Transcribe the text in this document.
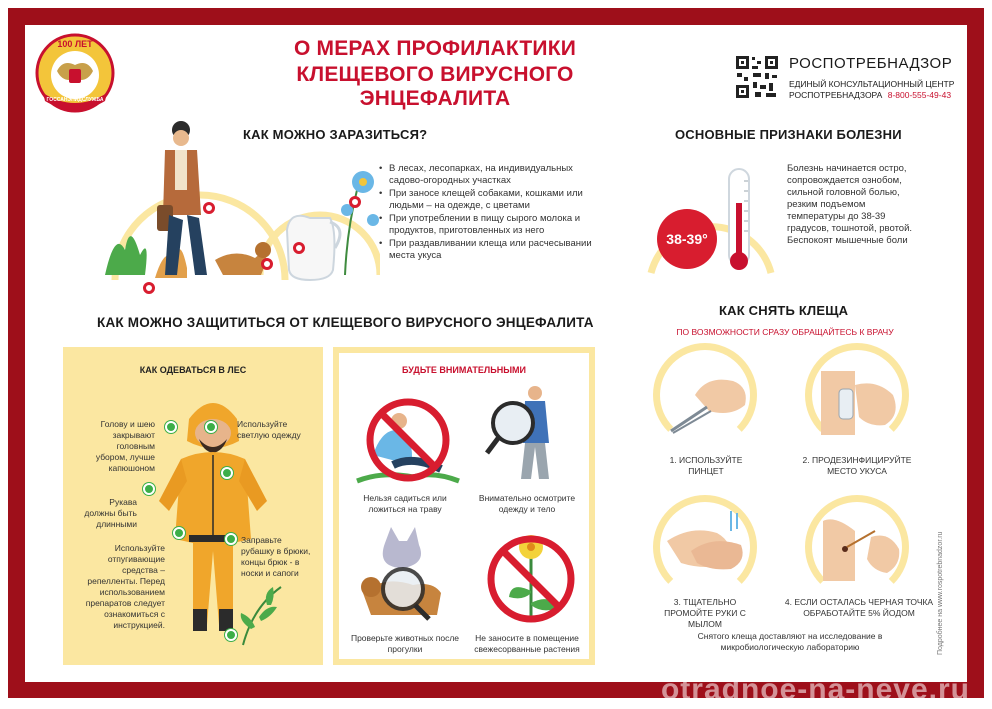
100 ЛЕТ
ГОССАНЭПИДСЛУЖБА
О МЕРАХ ПРОФИЛАКТИКИ
КЛЕЩЕВОГО ВИРУСНОГО ЭНЦЕФАЛИТА
РОСПОТРЕБНАДЗОР
ЕДИНЫЙ КОНСУЛЬТАЦИОННЫЙ ЦЕНТР
РОСПОТРЕБНАДЗОРА 8-800-555-49-43
КАК МОЖНО ЗАРАЗИТЬСЯ?
• В лесах, лесопарках, на индивидуальных садово-огородных участках
• При заносе клещей собаками, кошками или людьми – на одежде, с цветами
• При употреблении в пищу сырого молока и продуктов, приготовленных из него
• При раздавливании клеща или расчесывании места укуса
ОСНОВНЫЕ ПРИЗНАКИ БОЛЕЗНИ
38-39°
Болезнь начинается остро, сопровождается ознобом, сильной головной болью, резким подъемом температуры до 38-39 градусов, тошнотой, рвотой. Беспокоят мышечные боли
КАК МОЖНО ЗАЩИТИТЬСЯ ОТ КЛЕЩЕВОГО ВИРУСНОГО ЭНЦЕФАЛИТА
КАК ОДЕВАТЬСЯ В ЛЕС
Голову и шею закрывают головным убором, лучше капюшоном
Используйте светлую одежду
Рукава должны быть длинными
Используйте отпугивающие средства – репелленты. Перед использованием препаратов следует ознакомиться с инструкцией.
Заправьте рубашку в брюки, концы брюк - в носки и сапоги
БУДЬТЕ ВНИМАТЕЛЬНЫМИ
Нельзя садиться или ложиться на траву
Внимательно осмотрите одежду и тело
Проверьте животных после прогулки
Не заносите в помещение свежесорванные растения
КАК СНЯТЬ КЛЕЩА
ПО ВОЗМОЖНОСТИ СРАЗУ ОБРАЩАЙТЕСЬ К ВРАЧУ
1. ИСПОЛЬЗУЙТЕ ПИНЦЕТ
2. ПРОДЕЗИНФИЦИРУЙТЕ МЕСТО УКУСА
3. ТЩАТЕЛЬНО ПРОМОЙТЕ РУКИ С МЫЛОМ
4. ЕСЛИ ОСТАЛАСЬ ЧЕРНАЯ ТОЧКА ОБРАБОТАЙТЕ 5% ЙОДОМ
Снятого клеща доставляют на исследование в микробиологическую лабораторию	Подробнее на www.rospotrebnadzor.ru
otradnoe-na-neve.ru
